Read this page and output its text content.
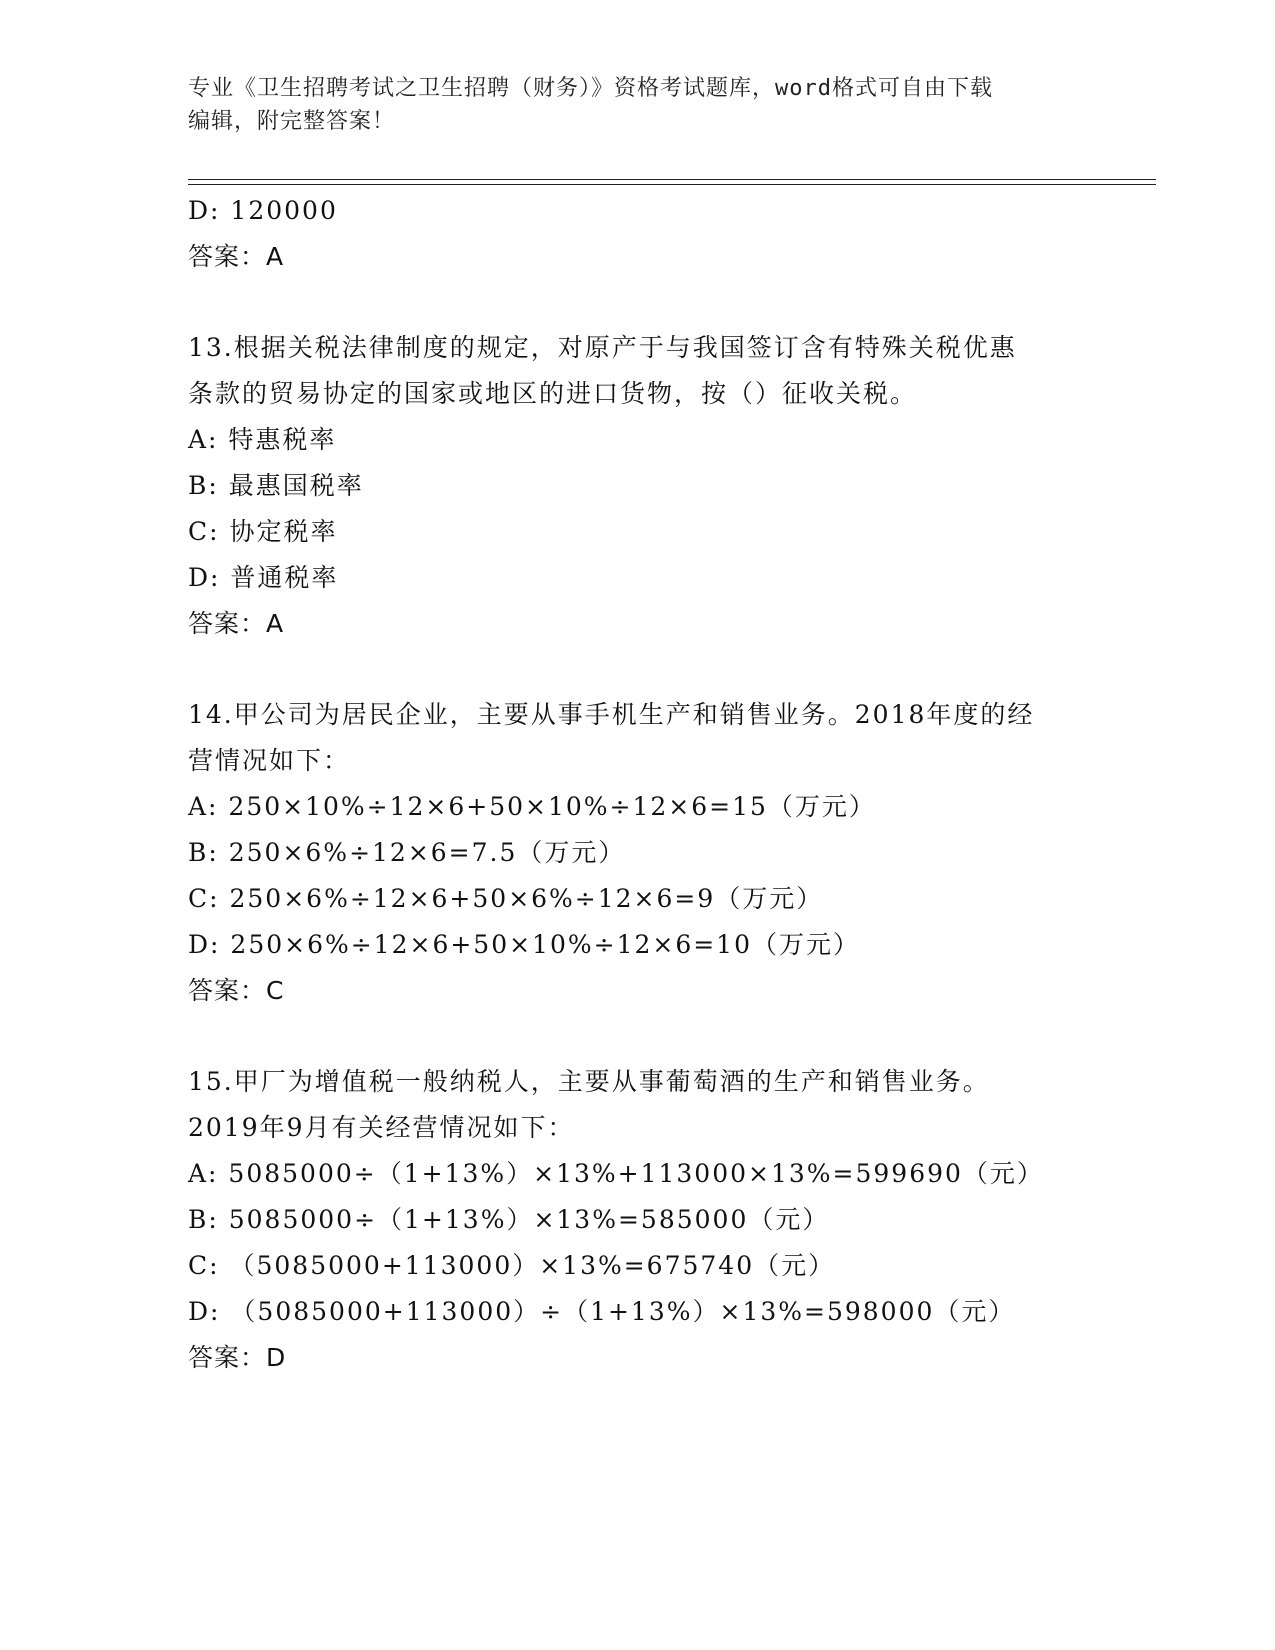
专业《卫生招聘考试之卫生招聘（财务）》资格考试题库，word格式可自由下载
编辑，附完整答案！
D: 120000
答案：A
13.根据关税法律制度的规定，对原产于与我国签订含有特殊关税优惠
条款的贸易协定的国家或地区的进口货物，按（）征收关税。
A: 特惠税率
B: 最惠国税率
C: 协定税率
D: 普通税率
答案：A
14.甲公司为居民企业，主要从事手机生产和销售业务。2018年度的经
营情况如下：
A: 250×10%÷12×6+50×10%÷12×6=15（万元）
B: 250×6%÷12×6=7.5（万元）
C: 250×6%÷12×6+50×6%÷12×6=9（万元）
D: 250×6%÷12×6+50×10%÷12×6=10（万元）
答案：C
15.甲厂为增值税一般纳税人，主要从事葡萄酒的生产和销售业务。
2019年9月有关经营情况如下：
A: 5085000÷（1+13%）×13%+113000×13%=599690（元）
B: 5085000÷（1+13%）×13%=585000（元）
C: （5085000+113000）×13%=675740（元）
D: （5085000+113000）÷（1+13%）×13%=598000（元）
答案：D
